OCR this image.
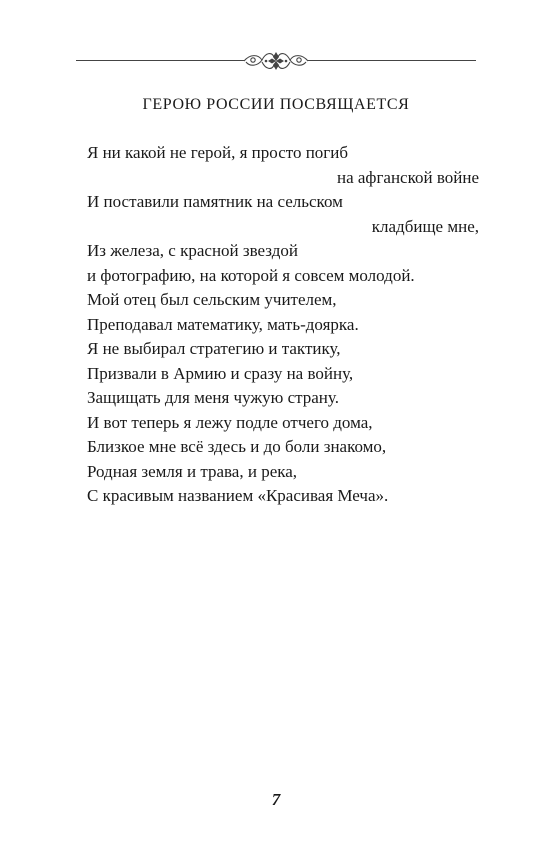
ГЕРОЮ РОССИИ ПОСВЯЩАЕТСЯ
Я ни какой не герой, я просто погиб
на афганской войне
И поставили памятник на сельском
кладбище мне,
Из железа, с красной звездой
и фотографию, на которой я совсем молодой.
Мой отец был сельским учителем,
Преподавал математику, мать-доярка.
Я не выбирал стратегию и тактику,
Призвали в Армию и сразу на войну,
Защищать для меня чужую страну.
И вот теперь я лежу подле отчего дома,
Близкое мне всё здесь и до боли знакомо,
Родная земля и трава, и река,
С красивым названием «Красивая Меча».
7
